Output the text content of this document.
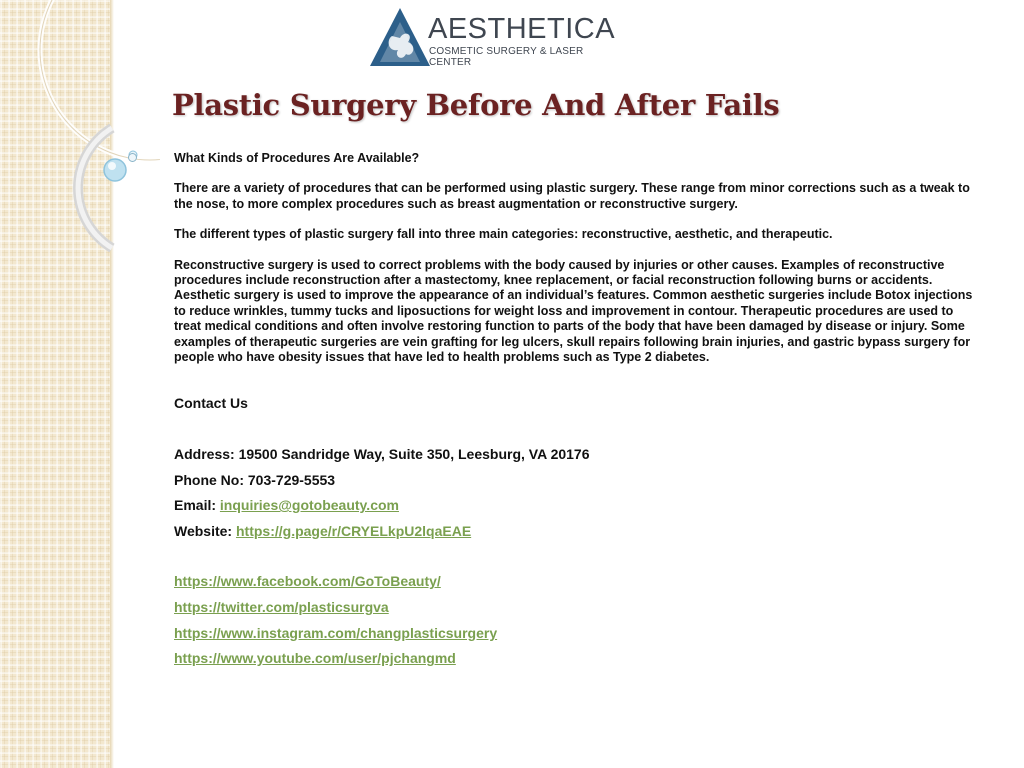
AESTHETICA
COSMETIC SURGERY & LASER CENTER
Plastic Surgery Before And After Fails

What Kinds of Procedures Are Available?

There are a variety of procedures that can be performed using plastic surgery. These range from minor corrections such as a tweak to the nose, to more complex procedures such as breast augmentation or reconstructive surgery.

The different types of plastic surgery fall into three main categories: reconstructive, aesthetic, and therapeutic.

Reconstructive surgery is used to correct problems with the body caused by injuries or other causes. Examples of reconstructive procedures include reconstruction after a mastectomy, knee replacement, or facial reconstruction following burns or accidents. Aesthetic surgery is used to improve the appearance of an individual’s features. Common aesthetic surgeries include Botox injections to reduce wrinkles, tummy tucks and liposuctions for weight loss and improvement in contour. Therapeutic procedures are used to treat medical conditions and often involve restoring function to parts of the body that have been damaged by disease or injury. Some examples of therapeutic surgeries are vein grafting for leg ulcers, skull repairs following brain injuries, and gastric bypass surgery for people who have obesity issues that have led to health problems such as Type 2 diabetes.

Contact Us

Address: 19500 Sandridge Way, Suite 350, Leesburg, VA 20176

Phone No: 703-729-5553

Email: inquiries@gotobeauty.com

Website: https://g.page/r/CRYELkpU2lqaEAE

https://www.facebook.com/GoToBeauty/
https://twitter.com/plasticsurgva
https://www.instagram.com/changplasticsurgery
https://www.youtube.com/user/pjchangmd
